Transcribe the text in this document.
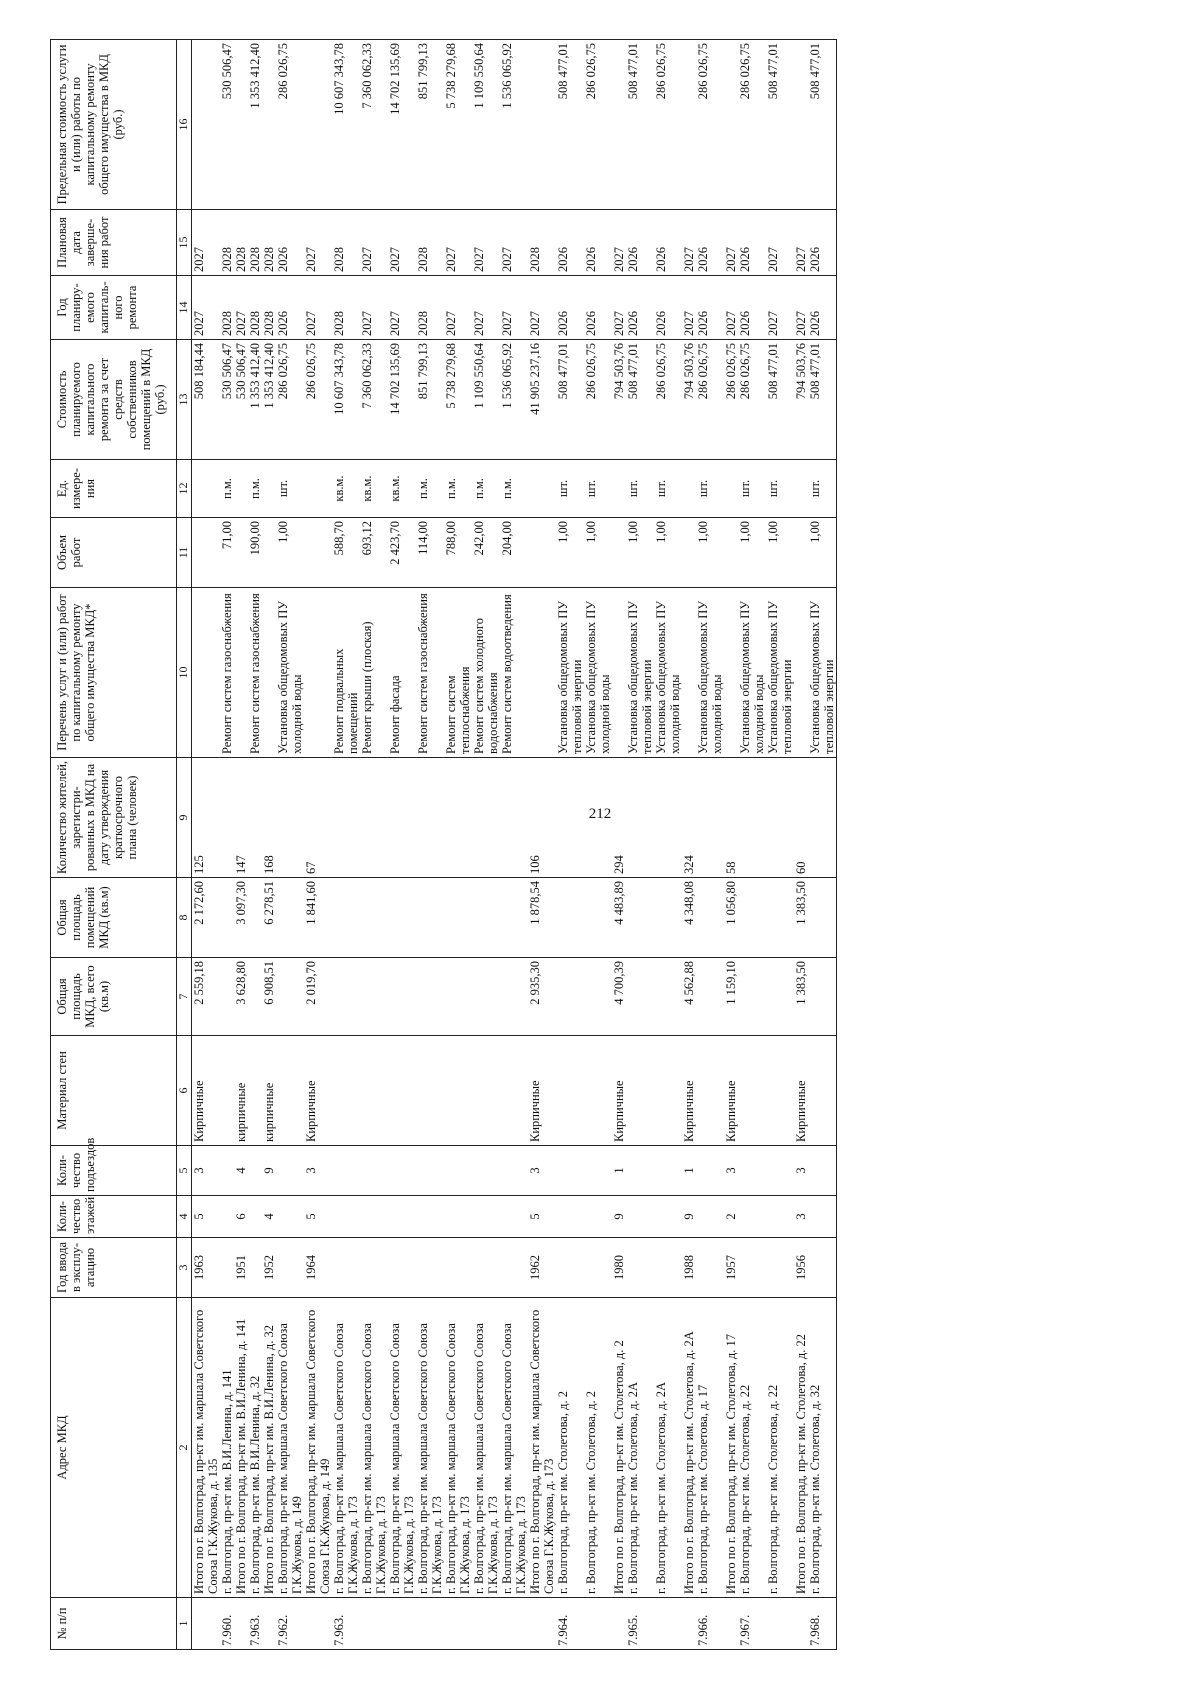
212
№ п/п	Адрес МКД	Год ввода в эксплу-атацию	Коли-чество этажей	Коли-чество подъездов	Материал стен	Общая площадь МКД, всего (кв.м)	Общая площадь помещений МКД (кв.м)	Количество жителей, зарегистри-рованных в МКД на дату утверждения краткосрочного плана (человек)	Перечень услуг и (или) работ по капитальному ремонту общего имущества МКД*	Объем работ	Ед. измере-ния	Стоимость планируемого капитального ремонта за счет средств собственников помещений в МКД (руб.)	Год планиру-емого капиталь-ного ремонта	Плановая дата заверше-ния работ	Предельная стоимость услуги и (или) работы по капитальному ремонту общего имущества в МКД (руб.)
1	2	3	4	5	6	7	8	9	10	11	12	13	14	15	16
	Итого по г. Волгоград, пр-кт им. маршала Советского Союза Г.К.Жукова, д. 135	1963	5	3	Кирпичные	2 559,18	2 172,60	125				508 184,44	2027	2027	
7.960.	г. Волгоград, пр-кт им. В.И.Ленина, д. 141								Ремонт систем газоснабжения	71,00	п.м.	530 506,47	2028	2028	530 506,47
	Итого по г. Волгоград, пр-кт им. В.И.Ленина, д. 141	1951	6	4	кирпичные	3 628,80	3 097,30	147				530 506,47	2027	2028	
7.963.	г. Волгоград, пр-кт им. В.И.Ленина, д. 32								Ремонт систем газоснабжения	190,00	п.м.	1 353 412,40	2028	2028	1 353 412,40
	Итого по г. Волгоград, пр-кт им. В.И.Ленина, д. 32	1952	4	9	кирпичные	6 908,51	6 278,51	168				1 353 412,40	2028	2028	
7.962.	г. Волгоград, пр-кт им. маршала Советского Союза Г.К.Жукова, д. 149								Установка общедомовых ПУ холодной воды	1,00	шт.	286 026,75	2026	2026	286 026,75
	Итого по г. Волгоград, пр-кт им. маршала Советского Союза Г.К.Жукова, д. 149	1964	5	3	Кирпичные	2 019,70	1 841,60	67				286 026,75	2027	2027	
7.963.	г. Волгоград, пр-кт им. маршала Советского Союза Г.К.Жукова, д. 173								Ремонт подвальных помещений	588,70	кв.м.	10 607 343,78	2028	2028	10 607 343,78
	г. Волгоград, пр-кт им. маршала Советского Союза Г.К.Жукова, д. 173								Ремонт крыши (плоская)	693,12	кв.м.	7 360 062,33	2027	2027	7 360 062,33
	г. Волгоград, пр-кт им. маршала Советского Союза Г.К.Жукова, д. 173								Ремонт фасада	2 423,70	кв.м.	14 702 135,69	2027	2027	14 702 135,69
	г. Волгоград, пр-кт им. маршала Советского Союза Г.К.Жукова, д. 173								Ремонт систем газоснабжения	114,00	п.м.	851 799,13	2028	2028	851 799,13
	г. Волгоград, пр-кт им. маршала Советского Союза Г.К.Жукова, д. 173								Ремонт систем теплоснабжения	788,00	п.м.	5 738 279,68	2027	2027	5 738 279,68
	г. Волгоград, пр-кт им. маршала Советского Союза Г.К.Жукова, д. 173								Ремонт систем холодного водоснабжения	242,00	п.м.	1 109 550,64	2027	2027	1 109 550,64
	г. Волгоград, пр-кт им. маршала Советского Союза Г.К.Жукова, д. 173								Ремонт систем водоотведения	204,00	п.м.	1 536 065,92	2027	2027	1 536 065,92
	Итого по г. Волгоград, пр-кт им. маршала Советского Союза Г.К.Жукова, д. 173	1962	5	3	Кирпичные	2 935,30	1 878,54	106				41 905 237,16	2027	2028	
7.964.	г. Волгоград, пр-кт им. Столетова, д. 2								Установка общедомовых ПУ тепловой энергии	1,00	шт.	508 477,01	2026	2026	508 477,01
	г. Волгоград, пр-кт им. Столетова, д. 2								Установка общедомовых ПУ холодной воды	1,00	шт.	286 026,75	2026	2026	286 026,75
	Итого по г. Волгоград, пр-кт им. Столетова, д. 2	1980	9	1	Кирпичные	4 700,39	4 483,89	294				794 503,76	2027	2027	
7.965.	г. Волгоград, пр-кт им. Столетова, д. 2А								Установка общедомовых ПУ тепловой энергии	1,00	шт.	508 477,01	2026	2026	508 477,01
	г. Волгоград, пр-кт им. Столетова, д. 2А								Установка общедомовых ПУ холодной воды	1,00	шт.	286 026,75	2026	2026	286 026,75
	Итого по г. Волгоград, пр-кт им. Столетова, д. 2А	1988	9	1	Кирпичные	4 562,88	4 348,08	324				794 503,76	2027	2027	
7.966.	г. Волгоград, пр-кт им. Столетова, д. 17								Установка общедомовых ПУ холодной воды	1,00	шт.	286 026,75	2026	2026	286 026,75
	Итого по г. Волгоград, пр-кт им. Столетова, д. 17	1957	2	3	Кирпичные	1 159,10	1 056,80	58				286 026,75	2027	2027	
7.967.	г. Волгоград, пр-кт им. Столетова, д. 22								Установка общедомовых ПУ холодной воды	1,00	шт.	286 026,75	2026	2026	286 026,75
	г. Волгоград, пр-кт им. Столетова, д. 22								Установка общедомовых ПУ тепловой энергии	1,00	шт.	508 477,01	2027	2027	508 477,01
	Итого по г. Волгоград, пр-кт им. Столетова, д. 22	1956	3	3	Кирпичные	1 383,50	1 383,50	60				794 503,76	2027	2027	
7.968.	г. Волгоград, пр-кт им. Столетова, д. 32								Установка общедомовых ПУ тепловой энергии	1,00	шт.	508 477,01	2026	2026	508 477,01
